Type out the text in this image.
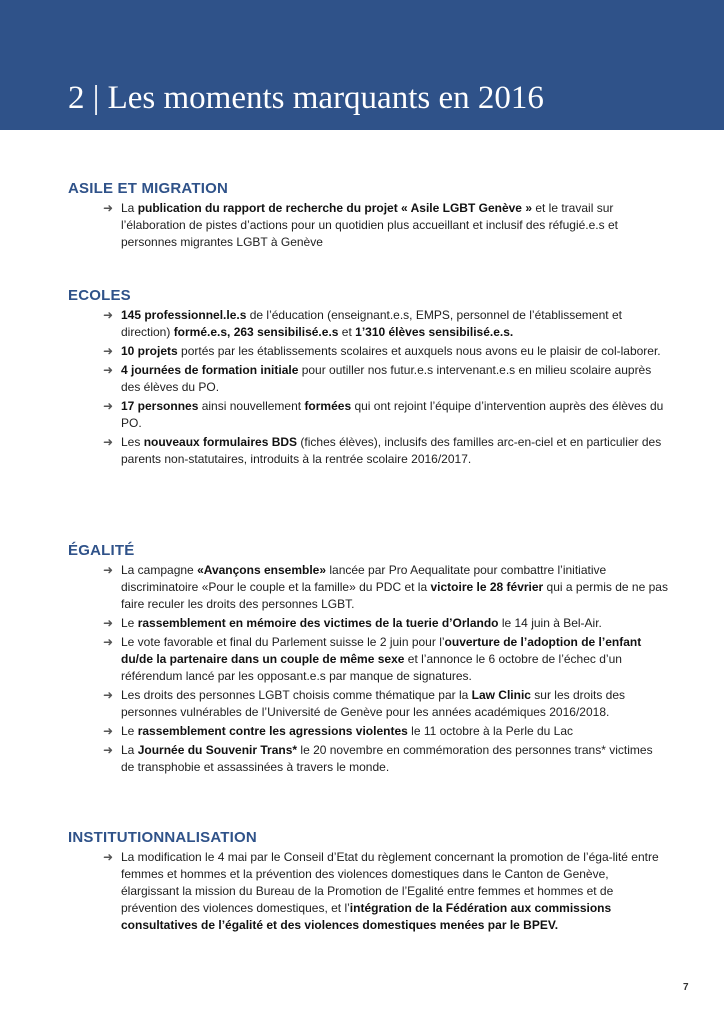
2 | Les moments marquants en 2016
ASILE ET MIGRATION
➜ La publication du rapport de recherche du projet « Asile LGBT Genève » et le travail sur l’élaboration de pistes d’actions pour un quotidien plus accueillant et inclusif des réfugié.e.s et personnes migrantes LGBT à Genève
ECOLES
➜ 145 professionnel.le.s de l’éducation (enseignant.e.s, EMPS, personnel de l’établissement et direction) formé.e.s, 263 sensibilisé.e.s et 1’310 élèves sensibilisé.e.s.
➜ 10 projets portés par les établissements scolaires et auxquels nous avons eu le plaisir de col-laborer.
➜ 4 journées de formation initiale pour outiller nos futur.e.s intervenant.e.s en milieu scolaire auprès des élèves du PO.
➜ 17 personnes ainsi nouvellement formées qui ont rejoint l’équipe d’intervention auprès des élèves du PO.
➜ Les nouveaux formulaires BDS (fiches élèves), inclusifs des familles arc-en-ciel et en particulier des parents non-statutaires, introduits à la rentrée scolaire 2016/2017.
ÉGALITÉ
➜ La campagne «Avançons ensemble» lancée par Pro Aequalitate pour combattre l’initiative discriminatoire «Pour le couple et la famille» du PDC et la victoire le 28 février qui a permis de ne pas faire reculer les droits des personnes LGBT.
➜ Le rassemblement en mémoire des victimes de la tuerie d’Orlando le 14 juin à Bel-Air.
➜ Le vote favorable et final du Parlement suisse le 2 juin pour l’ouverture de l’adoption de l’enfant du/de la partenaire dans un couple de même sexe et l’annonce le 6 octobre de l’échec d’un référendum lancé par les opposant.e.s par manque de signatures.
➜ Les droits des personnes LGBT choisis comme thématique par la Law Clinic sur les droits des personnes vulnérables de l’Université de Genève pour les années académiques 2016/2018.
➜ Le rassemblement contre les agressions violentes le 11 octobre à la Perle du Lac
➜ La Journée du Souvenir Trans* le 20 novembre en commémoration des personnes trans* victimes de transphobie et assassinées à travers le monde.
INSTITUTIONNALISATION
➜ La modification le 4 mai par le Conseil d’Etat du règlement concernant la promotion de l’éga-lité entre femmes et hommes et la prévention des violences domestiques dans le Canton de Genève, élargissant la mission du Bureau de la Promotion de l’Egalité entre femmes et hommes et de prévention des violences domestiques, et l’intégration de la Fédération aux commissions consultatives de l’égalité et des violences domestiques menées par le BPEV.
7
